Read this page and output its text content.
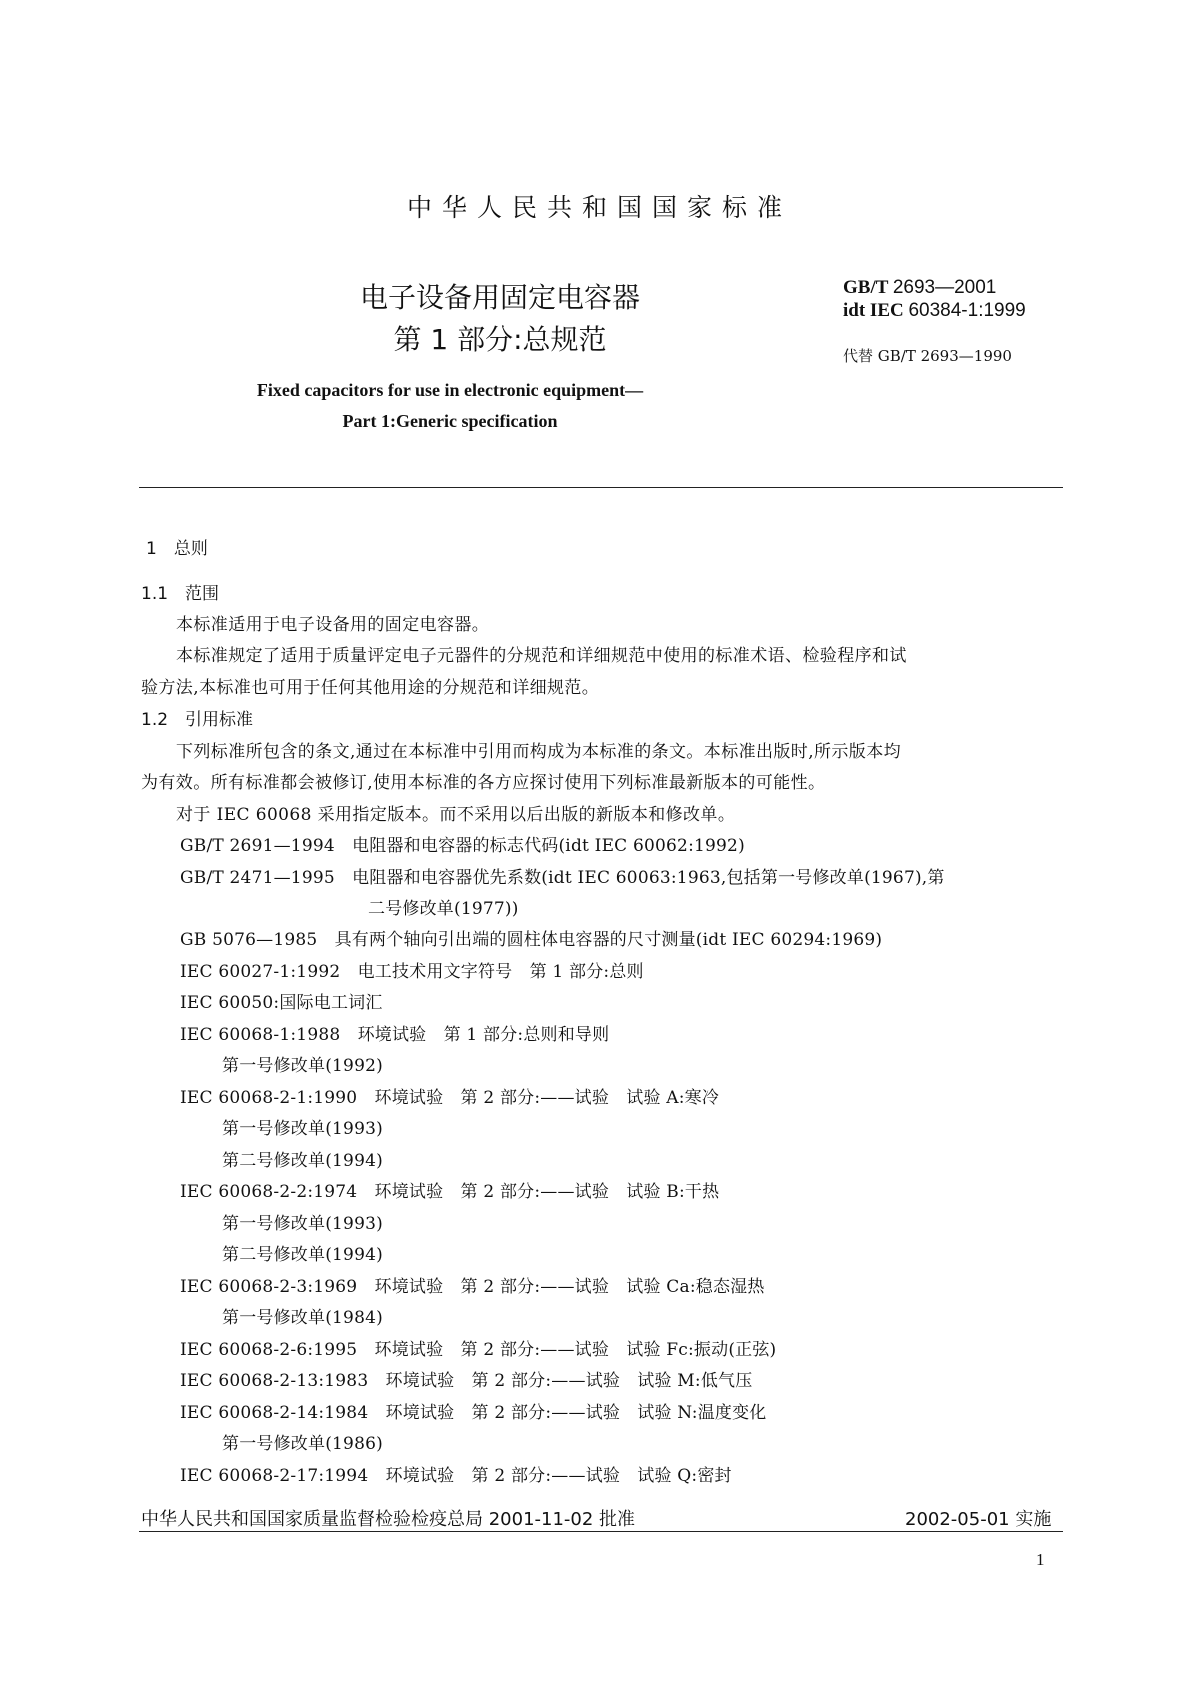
中华人民共和国国家标准
电子设备用固定电容器
第 1 部分:总规范
GB/T 2693—2001
idt IEC 60384-1:1999
代替 GB/T 2693—1990
Fixed capacitors for use in electronic equipment—
Part 1:Generic specification
1　总则
1.1　范围
本标准适用于电子设备用的固定电容器。
本标准规定了适用于质量评定电子元器件的分规范和详细规范中使用的标准术语、检验程序和试
验方法,本标准也可用于任何其他用途的分规范和详细规范。
1.2　引用标准
下列标准所包含的条文,通过在本标准中引用而构成为本标准的条文。本标准出版时,所示版本均
为有效。所有标准都会被修订,使用本标准的各方应探讨使用下列标准最新版本的可能性。
对于 IEC 60068 采用指定版本。而不采用以后出版的新版本和修改单。
GB/T 2691—1994　电阻器和电容器的标志代码(idt IEC 60062:1992)
GB/T 2471—1995　电阻器和电容器优先系数(idt IEC 60063:1963,包括第一号修改单(1967),第
二号修改单(1977))
GB 5076—1985　具有两个轴向引出端的圆柱体电容器的尺寸测量(idt IEC 60294:1969)
IEC 60027-1:1992　电工技术用文字符号　第 1 部分:总则
IEC 60050:国际电工词汇
IEC 60068-1:1988　环境试验　第 1 部分:总则和导则
第一号修改单(1992)
IEC 60068-2-1:1990　环境试验　第 2 部分:——试验　试验 A:寒冷
第一号修改单(1993)
第二号修改单(1994)
IEC 60068-2-2:1974　环境试验　第 2 部分:——试验　试验 B:干热
第一号修改单(1993)
第二号修改单(1994)
IEC 60068-2-3:1969　环境试验　第 2 部分:——试验　试验 Ca:稳态湿热
第一号修改单(1984)
IEC 60068-2-6:1995　环境试验　第 2 部分:——试验　试验 Fc:振动(正弦)
IEC 60068-2-13:1983　环境试验　第 2 部分:——试验　试验 M:低气压
IEC 60068-2-14:1984　环境试验　第 2 部分:——试验　试验 N:温度变化
第一号修改单(1986)
IEC 60068-2-17:1994　环境试验　第 2 部分:——试验　试验 Q:密封
中华人民共和国国家质量监督检验检疫总局 2001-11-02 批准	2002-05-01 实施
1
